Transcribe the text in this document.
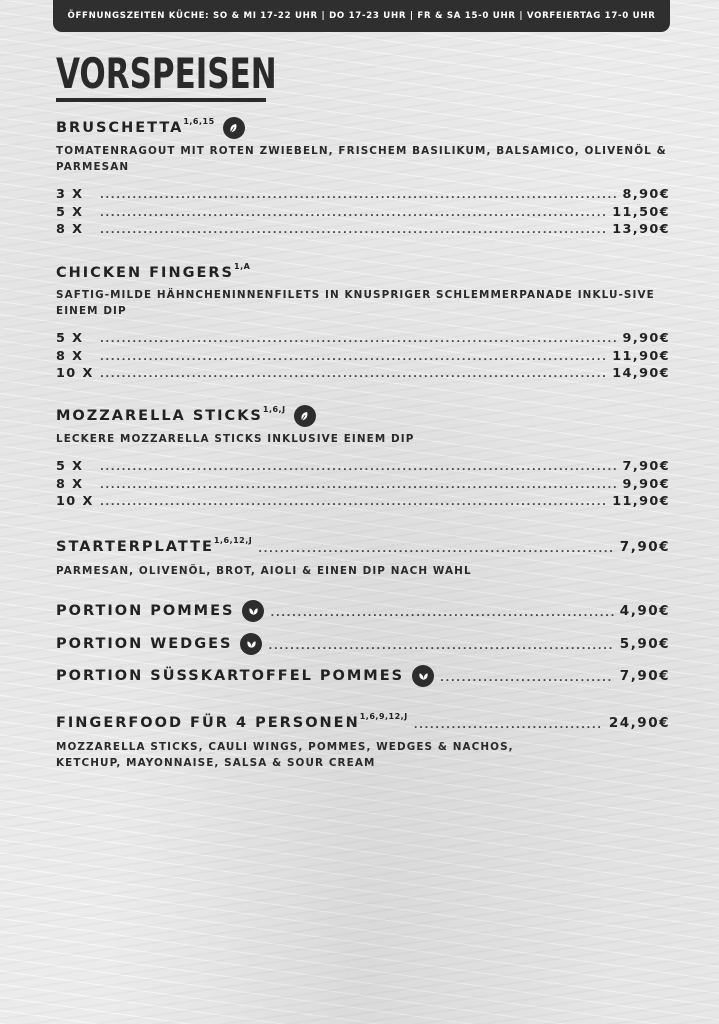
ÖFFNUNGSZEITEN KÜCHE: SO & MI 17-22 UHR | DO 17-23 UHR | FR & SA 15-0 UHR | VORFEIERTAG 17-0 UHR
VORSPEISEN
BRUSCHETTA$^{1,6,15}$
TOMATENRAGOUT MIT ROTEN ZWIEBELN, FRISCHEM BASILIKUM, BALSAMICO, OLIVENÖL & PARMESAN
3 X .....	8,90€
5 X .....	11,50€
8 X .....	13,90€
CHICKEN $FINGERS^{1,A}$
SAFTIG-MILDE HÄHNCHENINNENFILETS IN KNUSPRIGER SCHLEMMERPANADE INKLU-SIVE EINEM DIP
5 X .....	9,90€
8 X .....	11,90€
10 X .....	14,90€
MOZZARELLA $STICKS^{1,6,J}$
LECKERE MOZZARELLA STICKS INKLUSIVE EINEM DIP
5 X .....	7,90€
8 X .....	9,90€
10 X .....	11,90€
$STARTERPLATTE^{1,6,12,J}$ .....	7,90€
PARMESAN, OLIVENÖL, BROT, AIOLI & EINEN DIP NACH WAHL
PORTION POMMES .....	4,90€
PORTION WEDGES .....	5,90€
PORTION SÜSSKARTOFFEL POMMES .....	7,90€
FINGERFOOD FÜR 4 $PERSONEN^{1,6,9,12,J}$ .....	24,90€
MOZZARELLA STICKS, CAULI WINGS, POMMES, WEDGES & NACHOS,
KETCHUP, MAYONNAISE, SALSA & SOUR CREAM
